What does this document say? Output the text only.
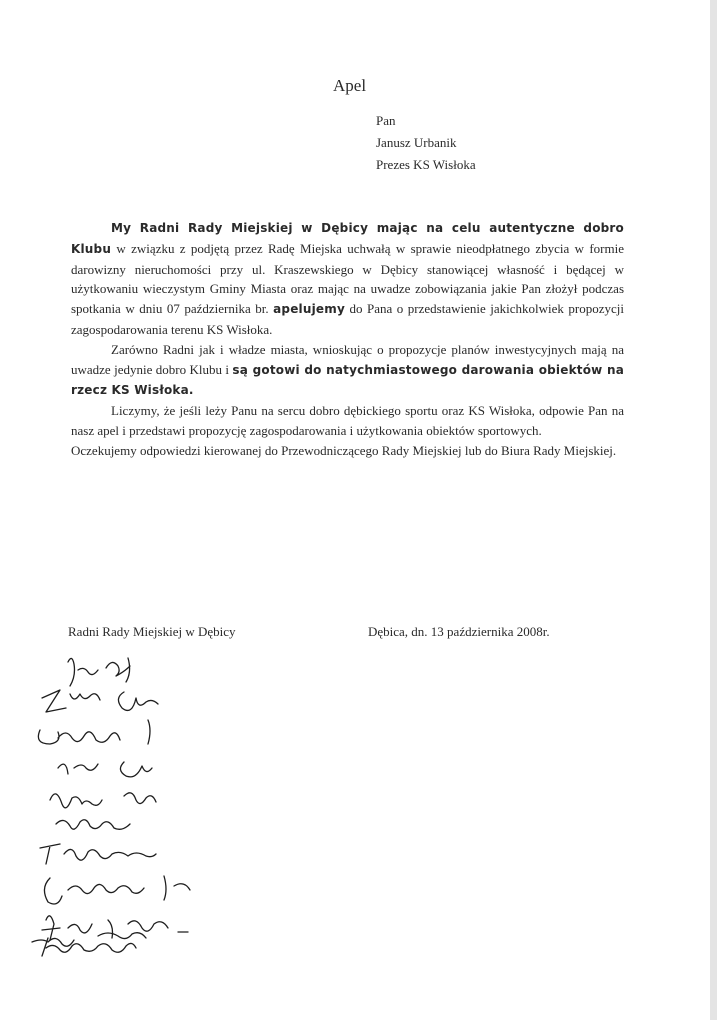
Apel
Pan
Janusz Urbanik
Prezes KS Wisłoka

My Radni Rady Miejskiej w Dębicy mając na celu autentyczne dobro Klubu w związku z podjętą przez Radę Miejska uchwałą w sprawie nieodpłatnego zbycia w formie darowizny nieruchomości przy ul. Kraszewskiego w Dębicy stanowiącej własność i będącej w użytkowaniu wieczystym Gminy Miasta oraz mając na uwadze zobowiązania jakie Pan złożył podczas spotkania w dniu 07 października br. apelujemy do Pana o przedstawienie jakichkolwiek propozycji zagospodarowania terenu KS Wisłoka.

Zarówno Radni jak i władze miasta, wnioskując o propozycje planów inwestycyjnych mają na uwadze jedynie dobro Klubu i są gotowi do natychmiastowego darowania obiektów na rzecz KS Wisłoka.

Liczymy, że jeśli leży Panu na sercu dobro dębickiego sportu oraz KS Wisłoka, odpowie Pan na nasz apel i przedstawi propozycję zagospodarowania i użytkowania obiektów sportowych.

Oczekujemy odpowiedzi kierowanej do Przewodniczącego Rady Miejskiej lub do Biura Rady Miejskiej.

Radni Rady Miejskiej w Dębicy	Dębica, dn. 13 października 2008r.
